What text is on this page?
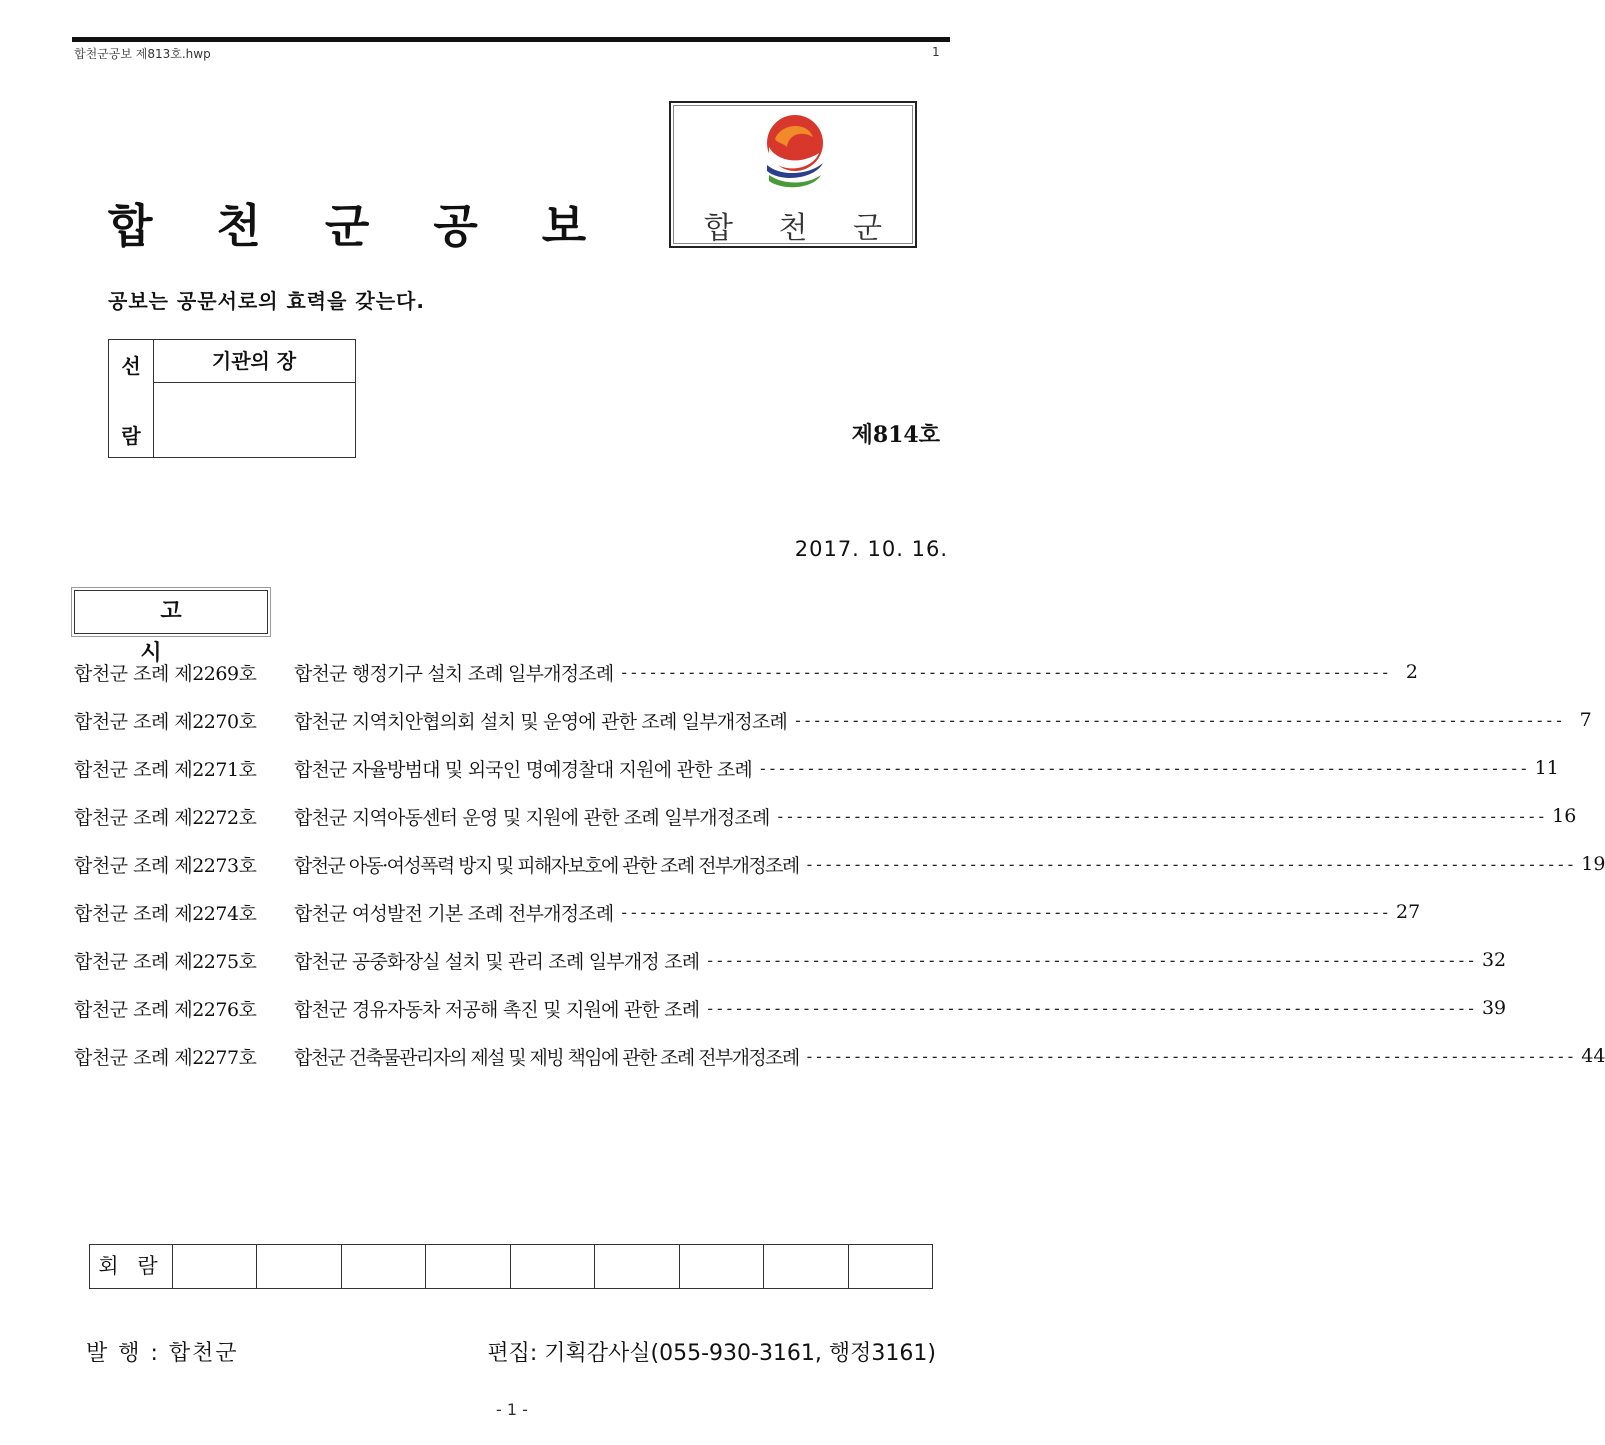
합천군공보 제813호.hwp	1
합 천 군
합 천 군 공 보
공보는 공문서로의 효력을 갖는다.
선
람
기관의 장
제814호
2017. 10. 16.
고 시
합천군 조례 제2269호	합천군 행정기구 설치 조례 일부개정조례 -------------------------------------------------------------------------------- 2
합천군 조례 제2270호	합천군 지역치안협의회 설치 및 운영에 관한 조례 일부개정조례 -------------------------------------------------------------------------------- 7
합천군 조례 제2271호	합천군 자율방범대 및 외국인 명예경찰대 지원에 관한 조례 -------------------------------------------------------------------------------- 11
합천군 조례 제2272호	합천군 지역아동센터 운영 및 지원에 관한 조례 일부개정조례 -------------------------------------------------------------------------------- 16
합천군 조례 제2273호	합천군 아동·여성폭력 방지 및 피해자보호에 관한 조례 전부개정조례 -------------------------------------------------------------------------------- 19
합천군 조례 제2274호	합천군 여성발전 기본 조례 전부개정조례 -------------------------------------------------------------------------------- 27
합천군 조례 제2275호	합천군 공중화장실 설치 및 관리 조례 일부개정 조례 -------------------------------------------------------------------------------- 32
합천군 조례 제2276호	합천군 경유자동차 저공해 촉진 및 지원에 관한 조례 -------------------------------------------------------------------------------- 39
합천군 조례 제2277호	합천군 건축물관리자의 제설 및 제빙 책임에 관한 조례 전부개정조례 -------------------------------------------------------------------------------- 44
회 람
발 행 : 합천군	편집: 기획감사실(055-930-3161, 행정3161)
- 1 -
